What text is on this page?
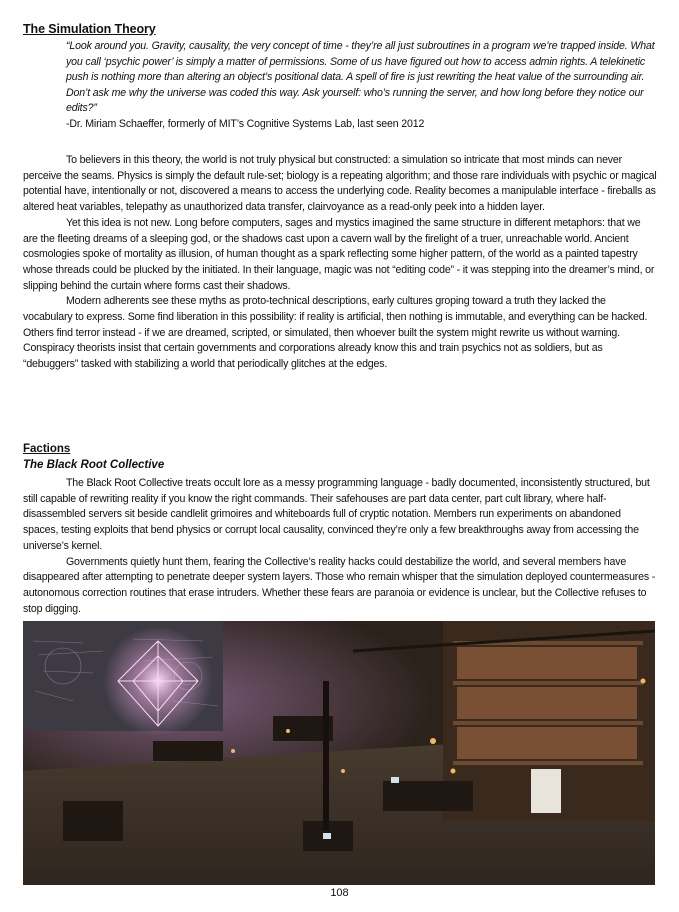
The Simulation Theory
“Look around you. Gravity, causality, the very concept of time - they’re all just subroutines in a program we’re trapped inside. What you call ‘psychic power’ is simply a matter of permissions. Some of us have figured out how to access admin rights. A telekinetic push is nothing more than altering an object’s positional data. A spell of fire is just rewriting the heat value of the surrounding air. Don’t ask me why the universe was coded this way. Ask yourself: who’s running the server, and how long before they notice our edits?”
-Dr. Miriam Schaeffer, formerly of MIT’s Cognitive Systems Lab, last seen 2012

To believers in this theory, the world is not truly physical but constructed: a simulation so intricate that most minds can never perceive the seams. Physics is simply the default rule-set; biology is a repeating algorithm; and those rare individuals with psychic or magical potential have, intentionally or not, discovered a means to access the underlying code. Reality becomes a manipulable interface - fireballs as altered heat variables, telepathy as unauthorized data transfer, clairvoyance as a read-only peek into a hidden layer.

Yet this idea is not new. Long before computers, sages and mystics imagined the same structure in different metaphors: that we are the fleeting dreams of a sleeping god, or the shadows cast upon a cavern wall by the firelight of a truer, unreachable world. Ancient cosmologies spoke of mortality as illusion, of human thought as a spark reflecting some higher pattern, of the world as a painted tapestry whose threads could be plucked by the initiated. In their language, magic was not “editing code” - it was stepping into the dreamer’s mind, or slipping behind the curtain where forms cast their shadows.

Modern adherents see these myths as proto-technical descriptions, early cultures groping toward a truth they lacked the vocabulary to express. Some find liberation in this possibility: if reality is artificial, then nothing is immutable, and everything can be hacked. Others find terror instead - if we are dreamed, scripted, or simulated, then whoever built the system might rewrite us without warning. Conspiracy theorists insist that certain governments and corporations already know this and train psychics not as soldiers, but as “debuggers” tasked with stabilizing a world that periodically glitches at the edges.

Factions
The Black Root Collective

The Black Root Collective treats occult lore as a messy programming language - badly documented, inconsistently structured, but still capable of rewriting reality if you know the right commands. Their safehouses are part data center, part cult library, where half-disassembled servers sit beside candlelit grimoires and whiteboards full of cryptic notation. Members run experiments on abandoned spaces, testing exploits that bend physics or corrupt local causality, convinced they’re only a few breakthroughs away from accessing the universe’s kernel.

Governments quietly hunt them, fearing the Collective’s reality hacks could destabilize the world, and several members have disappeared after attempting to penetrate deeper system layers. Those who remain whisper that the simulation deployed countermeasures - autonomous correction routines that erase intruders. Whether these fears are paranoia or evidence is unclear, but the Collective refuses to stop digging.

108
